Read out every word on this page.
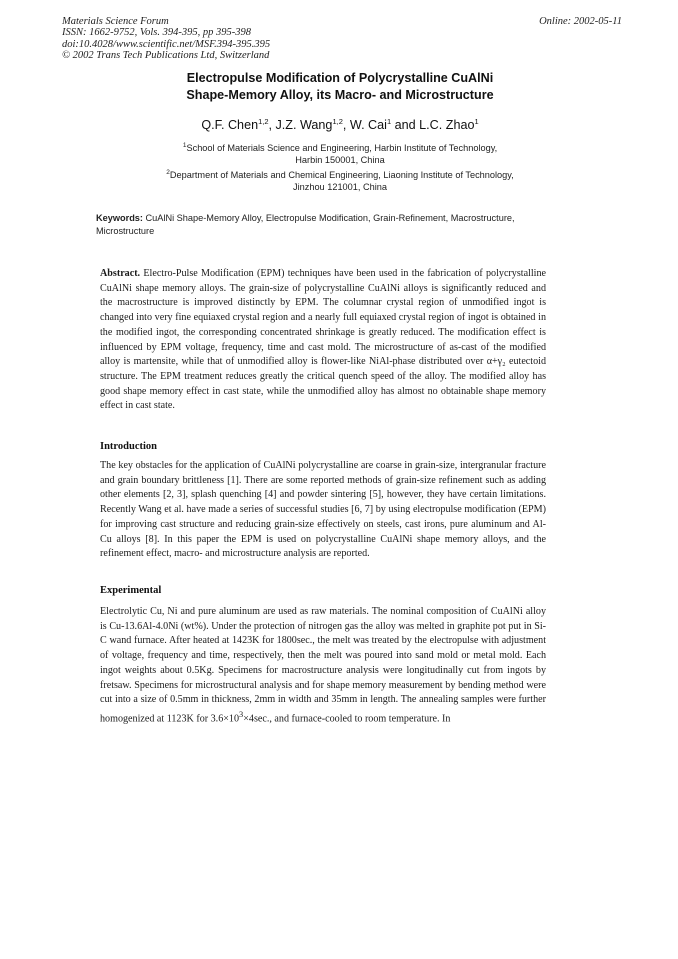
Materials Science Forum
ISSN: 1662-9752, Vols. 394-395, pp 395-398
doi:10.4028/www.scientific.net/MSF.394-395.395
© 2002 Trans Tech Publications Ltd, Switzerland
Online: 2002-05-11
Electropulse Modification of Polycrystalline CuAlNi
Shape-Memory Alloy, its Macro- and Microstructure
Q.F. Chen$^{1,2}$, J.Z. Wang$^{1,2}$, W. Cai$^1$ and L.C. Zhao$^1$
$^1$School of Materials Science and Engineering, Harbin Institute of Technology,
Harbin 150001, China
$^2$Department of Materials and Chemical Engineering, Liaoning Institute of Technology,
Jinzhou 121001, China
Keywords: CuAlNi Shape-Memory Alloy, Electropulse Modification, Grain-Refinement, Macrostructure, Microstructure
Abstract. Electro-Pulse Modification (EPM) techniques have been used in the fabrication of polycrystalline CuAlNi shape memory alloys. The grain-size of polycrystalline CuAlNi alloys is significantly reduced and the macrostructure is improved distinctly by EPM. The columnar crystal region of unmodified ingot is changed into very fine equiaxed crystal region and a nearly full equiaxed crystal region of ingot is obtained in the modified ingot, the corresponding concentrated shrinkage is greatly reduced. The modification effect is influenced by EPM voltage, frequency, time and cast mold. The microstructure of as-cast of the modified alloy is martensite, while that of unmodified alloy is flower-like NiAl-phase distributed over α+γ₂ eutectoid structure. The EPM treatment reduces greatly the critical quench speed of the alloy. The modified alloy has good shape memory effect in cast state, while the unmodified alloy has almost no obtainable shape memory effect in cast state.
Introduction
The key obstacles for the application of CuAlNi polycrystalline are coarse in grain-size, intergranular fracture and grain boundary brittleness [1]. There are some reported methods of grain-size refinement such as adding other elements [2, 3], splash quenching [4] and powder sintering [5], however, they have certain limitations. Recently Wang et al. have made a series of successful studies [6, 7] by using electropulse modification (EPM) for improving cast structure and reducing grain-size effectively on steels, cast irons, pure aluminum and Al-Cu alloys [8]. In this paper the EPM is used on polycrystalline CuAlNi shape memory alloys, and the refinement effect, macro- and microstructure analysis are reported.
Experimental
Electrolytic Cu, Ni and pure aluminum are used as raw materials. The nominal composition of CuAlNi alloy is Cu-13.6Al-4.0Ni (wt%). Under the protection of nitrogen gas the alloy was melted in graphite pot put in Si-C wand furnace. After heated at 1423K for 1800sec., the melt was treated by the electropulse with adjustment of voltage, frequency and time, respectively, then the melt was poured into sand mold or metal mold. Each ingot weights about 0.5Kg. Specimens for macrostructure analysis were longitudinally cut from ingots by fretsaw. Specimens for microstructural analysis and for shape memory measurement by bending method were cut into a size of 0.5mm in thickness, 2mm in width and 35mm in length. The annealing samples were further homogenized at 1123K for $3.6\times 10^3\times 4\sec$., and furnace-cooled to room temperature. In
